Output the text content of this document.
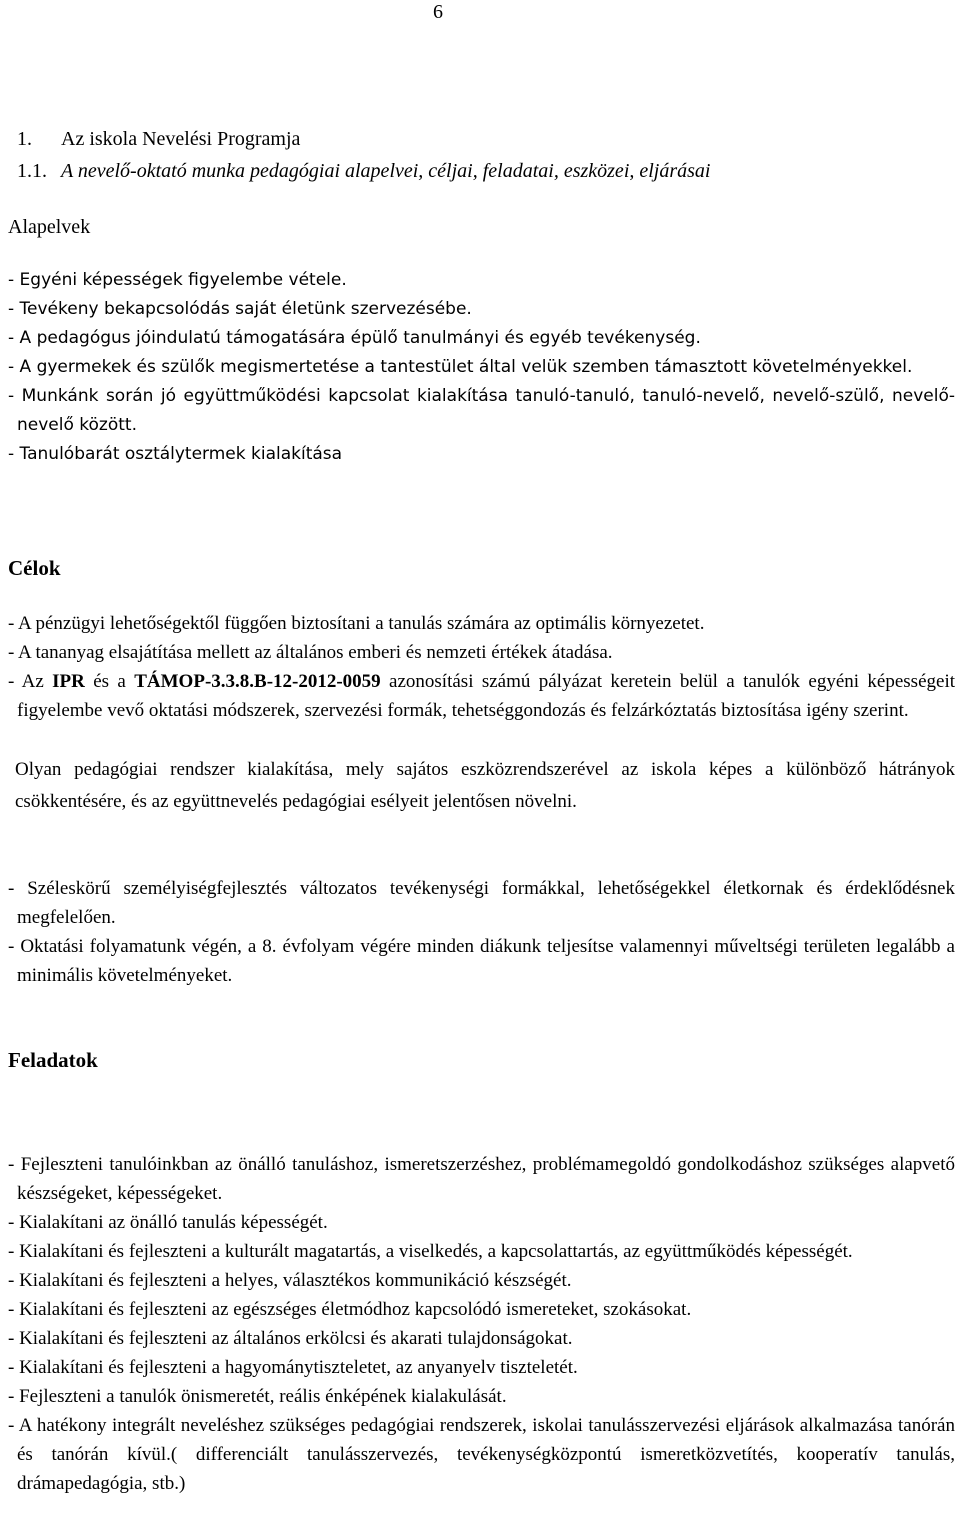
6
1. Az iskola Nevelési Programja
1.1. A nevelő-oktató munka pedagógiai alapelvei, céljai, feladatai, eszközei, eljárásai
Alapelvek
- Egyéni képességek figyelembe vétele.
- Tevékeny bekapcsolódás saját életünk szervezésébe.
- A pedagógus jóindulatú támogatására épülő tanulmányi és egyéb tevékenység.
- A gyermekek és szülők megismertetése a tantestület által velük szemben támasztott követelményekkel.
- Munkánk során jó együttműködési kapcsolat kialakítása tanuló-tanuló, tanuló-nevelő, nevelő-szülő, nevelő-nevelő között.
- Tanulóbarát osztálytermek kialakítása
Célok
- A pénzügyi lehetőségektől függően biztosítani a tanulás számára az optimális környezetet.
- A tananyag elsajátítása mellett az általános emberi és nemzeti értékek átadása.
- Az IPR és a TÁMOP-3.3.8.B-12-2012-0059 azonosítási számú pályázat keretein belül a tanulók egyéni képességeit figyelembe vevő oktatási módszerek, szervezési formák, tehetséggondozás és felzárkóztatás biztosítása igény szerint.
Olyan pedagógiai rendszer kialakítása, mely sajátos eszközrendszerével az iskola képes a különböző hátrányok csökkentésére, és az együttnevelés pedagógiai esélyeit jelentősen növelni.
- Széleskörű személyiségfejlesztés változatos tevékenységi formákkal, lehetőségekkel életkornak és érdeklődésnek megfelelően.
- Oktatási folyamatunk végén, a 8. évfolyam végére minden diákunk teljesítse valamennyi műveltségi területen legalább a minimális követelményeket.
Feladatok
- Fejleszteni tanulóinkban az önálló tanuláshoz, ismeretszerzéshez, problémamegoldó gondolkodáshoz szükséges alapvető készségeket, képességeket.
- Kialakítani az önálló tanulás képességét.
- Kialakítani és fejleszteni a kulturált magatartás, a viselkedés, a kapcsolattartás, az együttműködés képességét.
- Kialakítani és fejleszteni a helyes, választékos kommunikáció készségét.
- Kialakítani és fejleszteni az egészséges életmódhoz kapcsolódó ismereteket, szokásokat.
- Kialakítani és fejleszteni az általános erkölcsi és akarati tulajdonságokat.
- Kialakítani és fejleszteni a hagyománytiszteletet, az anyanyelv tiszteletét.
- Fejleszteni a tanulók önismeretét, reális énképének kialakulását.
- A hatékony integrált neveléshez szükséges pedagógiai rendszerek, iskolai tanulásszervezési eljárások alkalmazása tanórán és tanórán kívül.( differenciált tanulásszervezés, tevékenységközpontú ismeretközvetítés, kooperatív tanulás, drámapedagógia, stb.)
